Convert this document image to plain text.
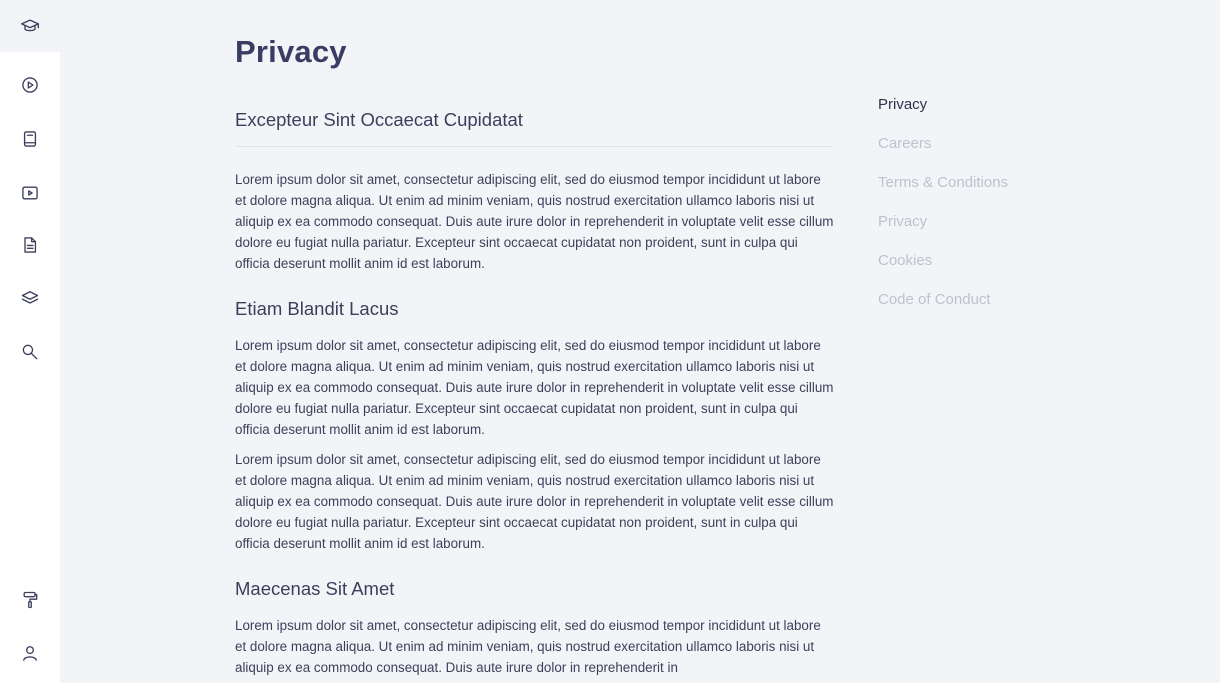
Privacy
Excepteur Sint Occaecat Cupidatat

Lorem ipsum dolor sit amet, consectetur adipiscing elit, sed do eiusmod tempor incididunt ut labore et dolore magna aliqua. Ut enim ad minim veniam, quis nostrud exercitation ullamco laboris nisi ut aliquip ex ea commodo consequat. Duis aute irure dolor in reprehenderit in voluptate velit esse cillum dolore eu fugiat nulla pariatur. Excepteur sint occaecat cupidatat non proident, sunt in culpa qui officia deserunt mollit anim id est laborum.

Etiam Blandit Lacus

Lorem ipsum dolor sit amet, consectetur adipiscing elit, sed do eiusmod tempor incididunt ut labore et dolore magna aliqua. Ut enim ad minim veniam, quis nostrud exercitation ullamco laboris nisi ut aliquip ex ea commodo consequat. Duis aute irure dolor in reprehenderit in voluptate velit esse cillum dolore eu fugiat nulla pariatur. Excepteur sint occaecat cupidatat non proident, sunt in culpa qui officia deserunt mollit anim id est laborum.

Lorem ipsum dolor sit amet, consectetur adipiscing elit, sed do eiusmod tempor incididunt ut labore et dolore magna aliqua. Ut enim ad minim veniam, quis nostrud exercitation ullamco laboris nisi ut aliquip ex ea commodo consequat. Duis aute irure dolor in reprehenderit in voluptate velit esse cillum dolore eu fugiat nulla pariatur. Excepteur sint occaecat cupidatat non proident, sunt in culpa qui officia deserunt mollit anim id est laborum.

Maecenas Sit Amet

Lorem ipsum dolor sit amet, consectetur adipiscing elit, sed do eiusmod tempor incididunt ut labore et dolore magna aliqua. Ut enim ad minim veniam, quis nostrud exercitation ullamco laboris nisi ut aliquip ex ea commodo consequat. Duis aute irure dolor in reprehenderit in

Privacy
Careers
Terms & Conditions
Privacy
Cookies
Code of Conduct
